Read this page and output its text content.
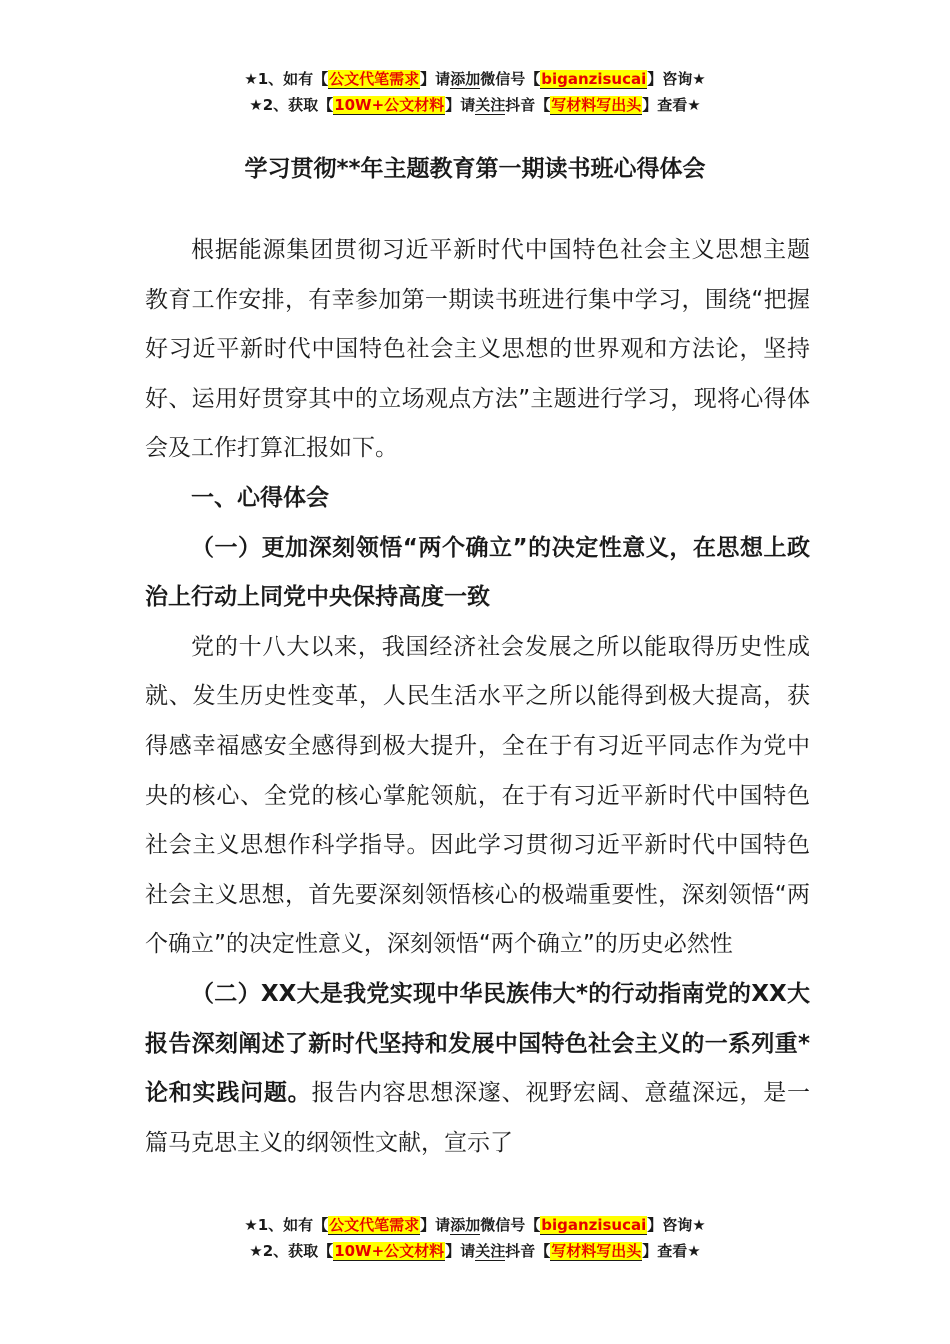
★1、如有【公文代笔需求】请添加微信号【biganzisucai】咨询★
★2、获取【10W+公文材料】请关注抖音【写材料写出头】查看★
学习贯彻**年主题教育第一期读书班心得体会

根据能源集团贯彻习近平新时代中国特色社会主义思想主题教育工作安排，有幸参加第一期读书班进行集中学习，围绕“把握好习近平新时代中国特色社会主义思想的世界观和方法论，坚持好、运用好贯穿其中的立场观点方法”主题进行学习，现将心得体会及工作打算汇报如下。

一、心得体会

（一）更加深刻领悟“两个确立”的决定性意义，在思想上政治上行动上同党中央保持高度一致

党的十八大以来，我国经济社会发展之所以能取得历史性成就、发生历史性变革，人民生活水平之所以能得到极大提高，获得感幸福感安全感得到极大提升，全在于有习近平同志作为党中央的核心、全党的核心掌舵领航，在于有习近平新时代中国特色社会主义思想作科学指导。因此学习贯彻习近平新时代中国特色社会主义思想，首先要深刻领悟核心的极端重要性，深刻领悟“两个确立”的决定性意义，深刻领悟“两个确立”的历史必然性

（二）XX大是我党实现中华民族伟大*的行动指南党的XX大报告深刻阐述了新时代坚持和发展中国特色社会主义的一系列重*论和实践问题。报告内容思想深邃、视野宏阔、意蕴深远，是一篇马克思主义的纲领性文献，宣示了

★1、如有【公文代笔需求】请添加微信号【biganzisucai】咨询★
★2、获取【10W+公文材料】请关注抖音【写材料写出头】查看★
